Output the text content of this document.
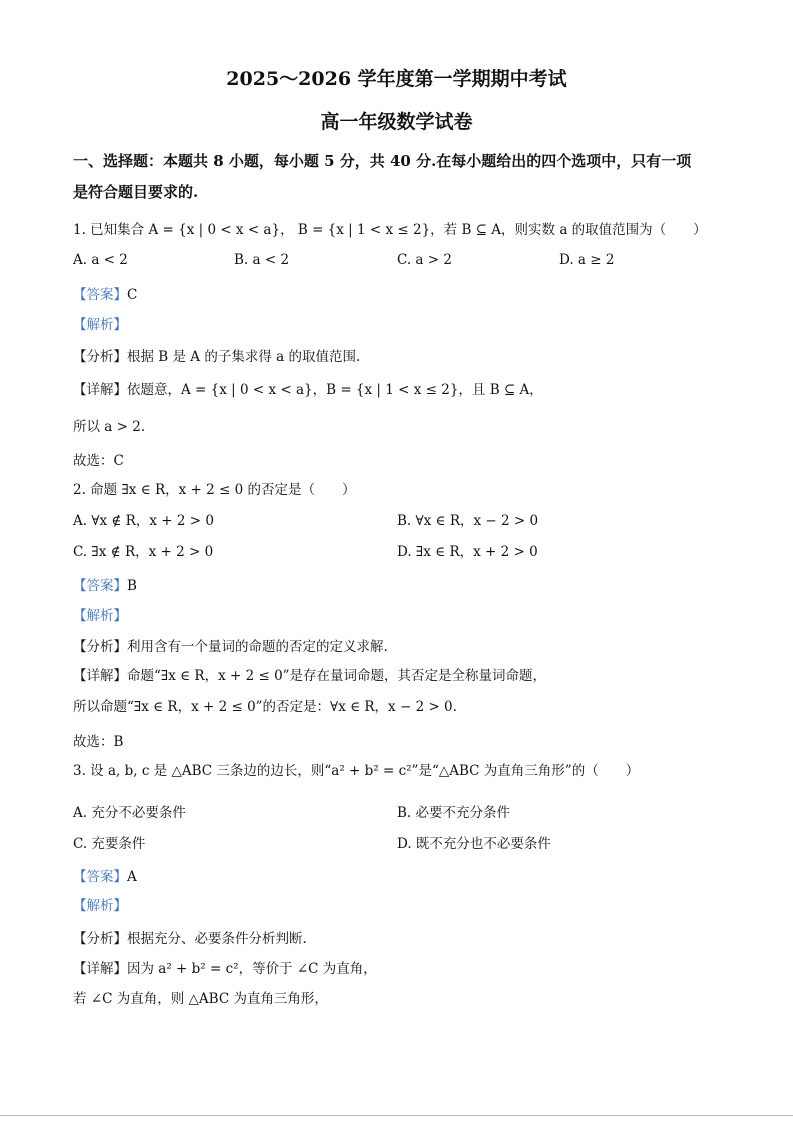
2025～2026 学年度第一学期期中考试
高一年级数学试卷
一、选择题：本题共 8 小题，每小题 5 分，共 40 分.在每小题给出的四个选项中，只有一项
是符合题目要求的.
1. 已知集合 A = {x | 0 < x < a}， B = {x | 1 < x ≤ 2}，若 B ⊆ A，则实数 a 的取值范围为（　　）
A. a < 2	B. a < 2	C. a > 2	D. a ≥ 2
【答案】C
【解析】
【分析】根据 B 是 A 的子集求得 a 的取值范围.
【详解】依题意，A = {x | 0 < x < a}，B = {x | 1 < x ≤ 2}，且 B ⊆ A，
所以 a > 2.
故选：C
2. 命题 ∃x ∈ R，x + 2 ≤ 0 的否定是（　　）
A. ∀x ∉ R，x + 2 > 0	B. ∀x ∈ R，x − 2 > 0
C. ∃x ∉ R，x + 2 > 0	D. ∃x ∈ R，x + 2 > 0
【答案】B
【解析】
【分析】利用含有一个量词的命题的否定的定义求解.
【详解】命题“∃x ∈ R，x + 2 ≤ 0”是存在量词命题，其否定是全称量词命题，
所以命题“∃x ∈ R，x + 2 ≤ 0”的否定是：∀x ∈ R，x − 2 > 0.
故选：B
3. 设 a, b, c 是 △ABC 三条边的边长，则“a² + b² = c²”是“△ABC 为直角三角形”的（　　）
A. 充分不必要条件	B. 必要不充分条件
C. 充要条件	D. 既不充分也不必要条件
【答案】A
【解析】
【分析】根据充分、必要条件分析判断.
【详解】因为 a² + b² = c²，等价于 ∠C 为直角，
若 ∠C 为直角，则 △ABC 为直角三角形，
